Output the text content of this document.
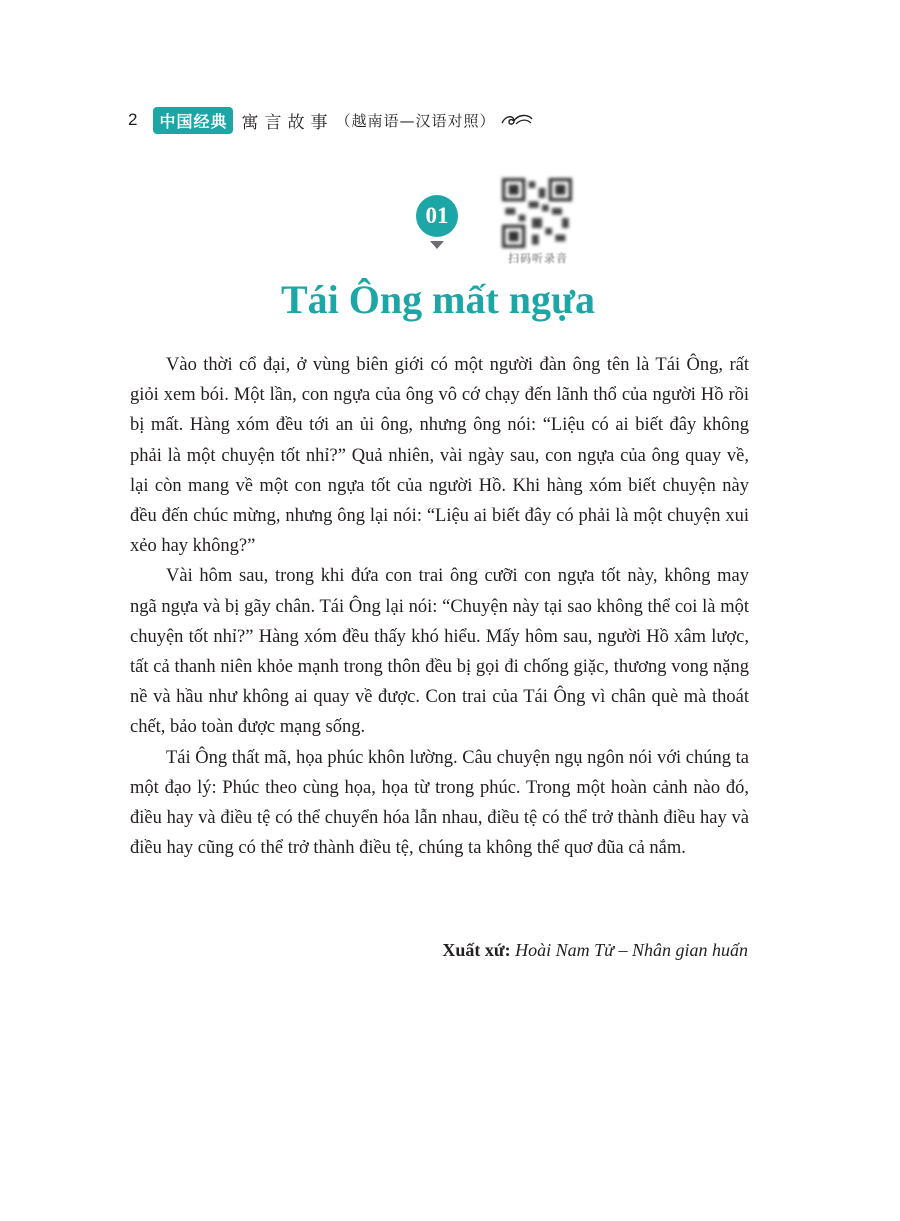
2	中国经典 寓言故事 （越南语—汉语对照）
01
扫码听录音
Tái Ông mất ngựa

Vào thời cổ đại, ở vùng biên giới có một người đàn ông tên là Tái Ông, rất giỏi xem bói. Một lần, con ngựa của ông vô cớ chạy đến lãnh thổ của người Hồ rồi bị mất. Hàng xóm đều tới an ủi ông, nhưng ông nói: “Liệu có ai biết đây không phải là một chuyện tốt nhỉ?” Quả nhiên, vài ngày sau, con ngựa của ông quay về, lại còn mang về một con ngựa tốt của người Hồ. Khi hàng xóm biết chuyện này đều đến chúc mừng, nhưng ông lại nói: “Liệu ai biết đây có phải là một chuyện xui xẻo hay không?”

Vài hôm sau, trong khi đứa con trai ông cưỡi con ngựa tốt này, không may ngã ngựa và bị gãy chân. Tái Ông lại nói: “Chuyện này tại sao không thể coi là một chuyện tốt nhỉ?” Hàng xóm đều thấy khó hiểu. Mấy hôm sau, người Hồ xâm lược, tất cả thanh niên khỏe mạnh trong thôn đều bị gọi đi chống giặc, thương vong nặng nề và hầu như không ai quay về được. Con trai của Tái Ông vì chân què mà thoát chết, bảo toàn được mạng sống.

Tái Ông thất mã, họa phúc khôn lường. Câu chuyện ngụ ngôn nói với chúng ta một đạo lý: Phúc theo cùng họa, họa từ trong phúc. Trong một hoàn cảnh nào đó, điều hay và điều tệ có thể chuyển hóa lẫn nhau, điều tệ có thể trở thành điều hay và điều hay cũng có thể trở thành điều tệ, chúng ta không thể quơ đũa cả nắm.

Xuất xứ: Hoài Nam Tử – Nhân gian huấn
